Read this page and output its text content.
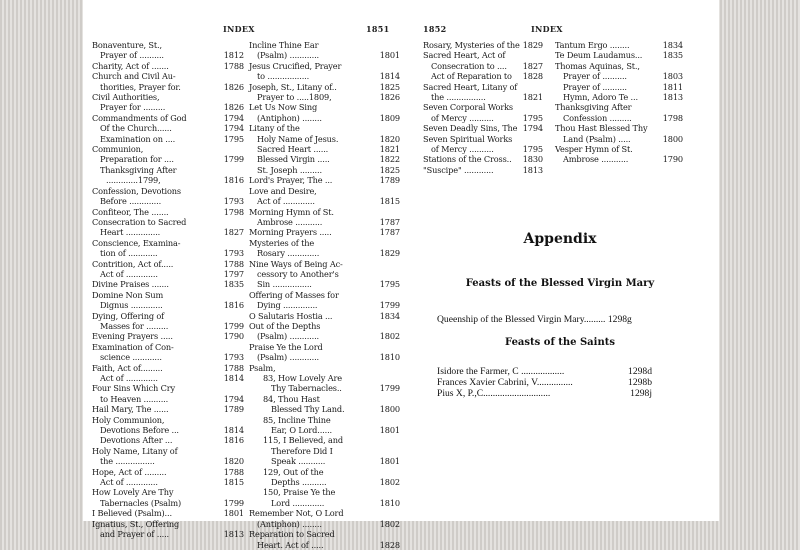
INDEX	1851
Bonaventure, St.,
Prayer of ..........	1812
Charity, Act of .......	1788
Church and Civil Au-
thorities, Prayer for.	1826
Civil Authorities,
Prayer for .........	1826
Commandments of God	1794
Of the Church......	1794
Examination on ....	1795
Communion,
Preparation for ....	1799
Thanksgiving After
.............1799,	1816
Confession, Devotions
Before .............	1793
Confiteor, The .......	1798
Consecration to Sacred
Heart ..............	1827
Conscience, Examina-
tion of ............	1793
Contrition, Act of.....	1788
Act of .............	1797
Divine Praises .......	1835
Domine Non Sum
Dignus .............	1816
Dying, Offering of
Masses for .........	1799
Evening Prayers .....	1790
Examination of Con-
science ............	1793
Faith, Act of.........	1788
Act of .............	1814
Four Sins Which Cry
to Heaven ..........	1794
Hail Mary, The ......	1789
Holy Communion,
Devotions Before ...	1814
Devotions After ...	1816
Holy Name, Litany of
the ................	1820
Hope, Act of .........	1788
Act of .............	1815
How Lovely Are Thy
Tabernacles (Psalm)	1799
I Believed (Psalm)...	1801
Ignatius, St., Offering
and Prayer of .....	1813
Incline Thine Ear
(Psalm) ............	1801
Jesus Crucified, Prayer
to .................	1814
Joseph, St., Litany of..	1825
Prayer to .....1809,	1826
Let Us Now Sing
(Antiphon) ........	1809
Litany of the
Holy Name of Jesus.	1820
Sacred Heart ......	1821
Blessed Virgin .....	1822
St. Joseph .........	1825
Lord's Prayer, The ...	1789
Love and Desire,
Act of .............	1815
Morning Hymn of St.
Ambrose ...........	1787
Morning Prayers .....	1787
Mysteries of the
Rosary .............	1829
Nine Ways of Being Ac-
cessory to Another's
Sin ................	1795
Offering of Masses for
Dying ..............	1799
O Salutaris Hostia ...	1834
Out of the Depths
(Psalm) ............	1802
Praise Ye the Lord
(Psalm) ............	1810
Psalm,
83, How Lovely Are
Thy Tabernacles..	1799
84, Thou Hast
Blessed Thy Land.	1800
85, Incline Thine
Ear, O Lord......	1801
115, I Believed, and
Therefore Did I
Speak ...........	1801
129, Out of the
Depths ..........	1802
150, Praise Ye the
Lord .............	1810
Remember Not, O Lord
(Antiphon) ........	1802
Reparation to Sacred
Heart. Act of .....	1828
1852	INDEX
Rosary, Mysteries of the 1829
Sacred Heart, Act of
Consecration to .... 1827
Act of Reparation to 1828
Sacred Heart, Litany of
the ................	1821
Seven Corporal Works
of Mercy ..........	1795
Seven Deadly Sins, The 1794
Seven Spiritual Works
of Mercy ..........	1795
Stations of the Cross.. 1830
"Suscipe" ............	1813
Tantum Ergo ........	1834
Te Deum Laudamus...	1835
Thomas Aquinas, St.,
Prayer of ..........	1803
Prayer of ..........	1811
Hymn, Adoro Te ...	1813
Thanksgiving After
Confession .........	1798
Thou Hast Blessed Thy
Land (Psalm) .....	1800
Vesper Hymn of St.
Ambrose ...........	1790
Appendix
Feasts of the Blessed Virgin Mary
Queenship of the Blessed Virgin Mary......... 1298g
Feasts of the Saints
Isidore the Farmer, C ..................	1298d
Frances Xavier Cabrini, V...............	1298b
Pius X, P.,C............................	1298j
